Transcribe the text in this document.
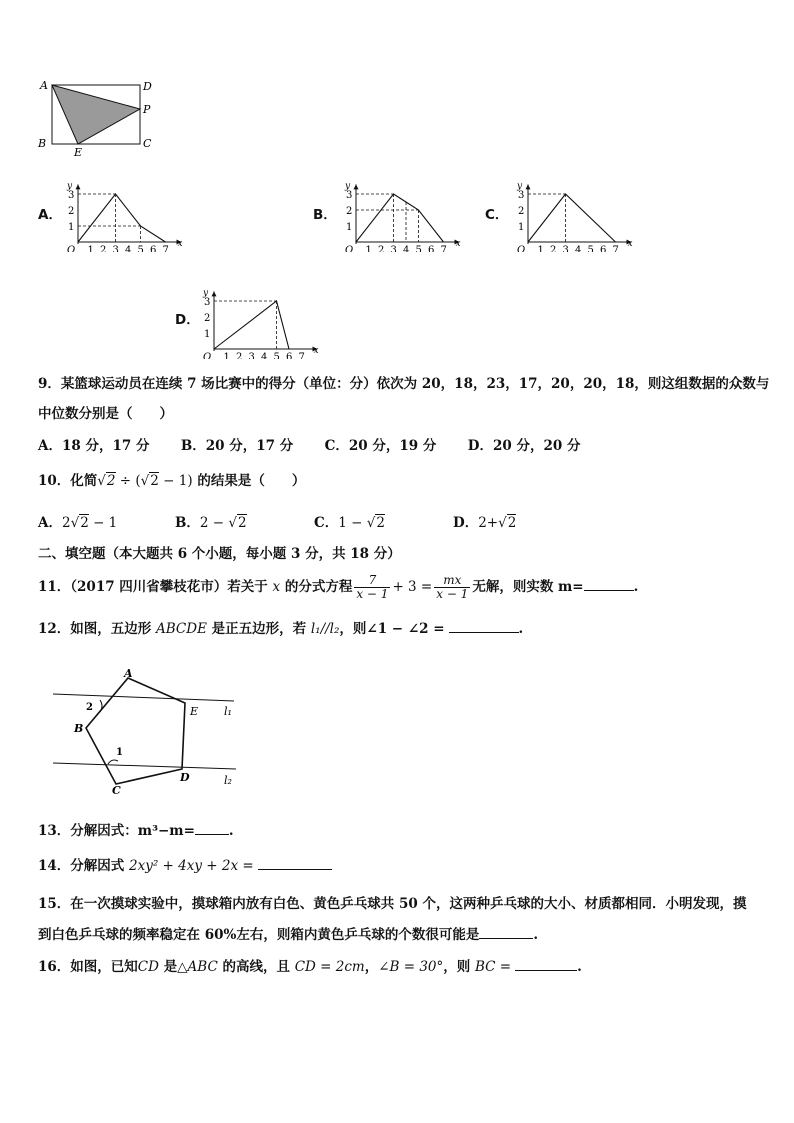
A	D
P
B	C
E
A．
1 2 3 4 5 6 7
1
2
3
O
x
y
B．
1 2 3 4 5 6 7
1
2
3
O
x
y
C．
1 2 3 4 5 6 7
1
2
3
O
x
y
D．
1 2 3 4 5 6 7
1
2
3
O
x
y
9．某篮球运动员在连续 7 场比赛中的得分（单位：分）依次为 20，18，23，17，20，20，18，则这组数据的众数与
中位数分别是（　　）
A．18 分，17 分 B．20 分，17 分 C．20 分，19 分 D．20 分，20 分
10．化简√2 ÷ (√2 − 1) 的结果是（　　）
A．2√2 − 1	B．2 − √2	C．1 − √2	D．2+√2
二、填空题（本大题共 6 个小题，每小题 3 分，共 18 分）
11．（2017 四川省攀枝花市）若关于 x 的分式方程 $\frac{7}{x - 1} + 3 = \frac{mx}{x - 1}$ 无解，则实数 m=	.
12．如图，五边形 ABCDE 是正五边形，若 l₁//l₂，则∠1 − ∠2 =	.
A
B
C
D
E
1
2	l₁
l₂
13．分解因式：m³−m=	.
14．分解因式 2xy² + 4xy + 2x =
15．在一次摸球实验中，摸球箱内放有白色、黄色乒乓球共 50 个，这两种乒乓球的大小、材质都相同．小明发现，摸
到白色乒乓球的频率稳定在 60%左右，则箱内黄色乒乓球的个数很可能是	.
16．如图，已知CD 是△ABC 的高线，且 CD = 2cm，∠B = 30°，则 BC =	.
